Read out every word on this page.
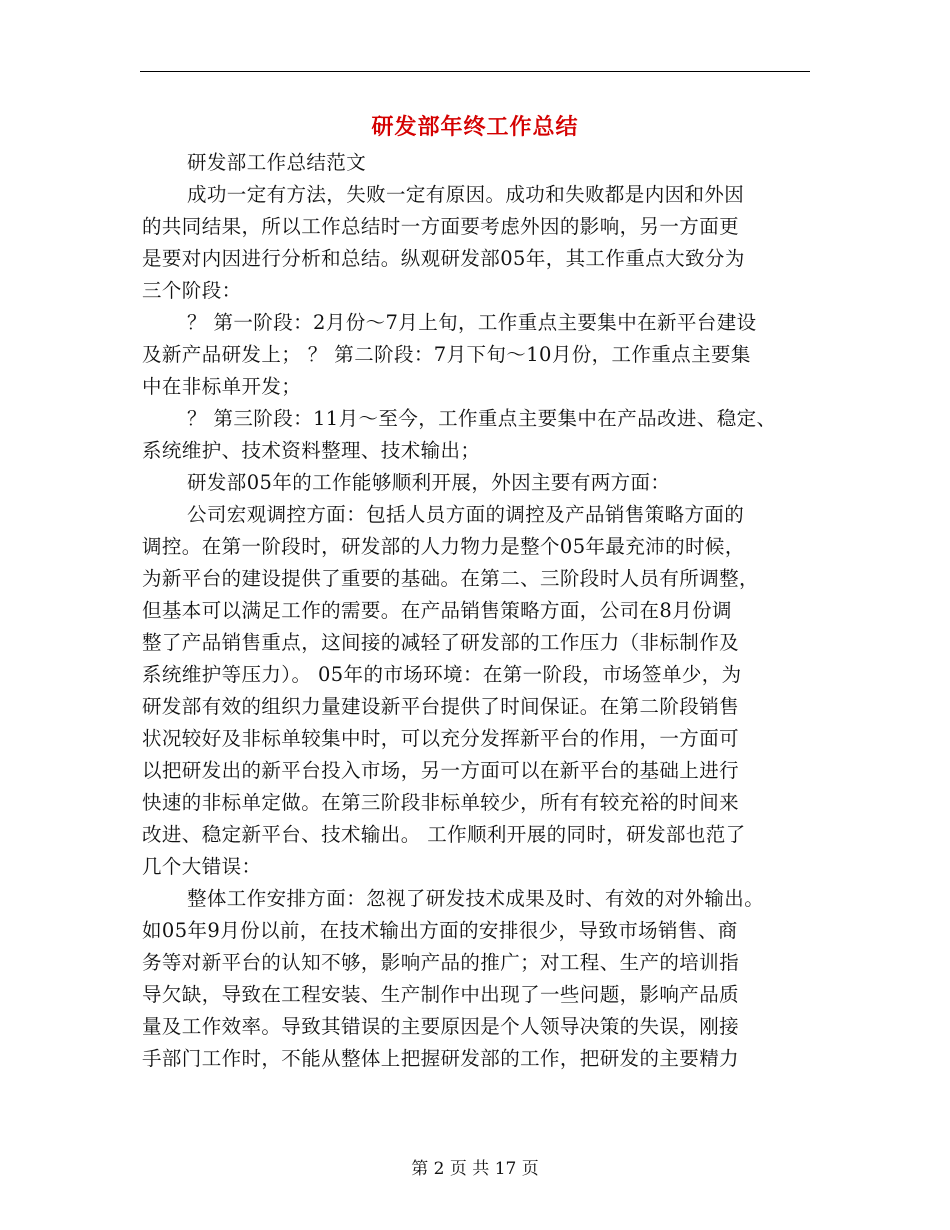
研发部年终工作总结
研发部工作总结范文
成功一定有方法，失败一定有原因。成功和失败都是内因和外因
的共同结果，所以工作总结时一方面要考虑外因的影响，另一方面更
是要对内因进行分析和总结。纵观研发部05年，其工作重点大致分为
三个阶段：
？ 第一阶段：2月份～7月上旬，工作重点主要集中在新平台建设
及新产品研发上； ？ 第二阶段：7月下旬～10月份，工作重点主要集
中在非标单开发；
？ 第三阶段：11月～至今，工作重点主要集中在产品改进、稳定、
系统维护、技术资料整理、技术输出；
研发部05年的工作能够顺利开展，外因主要有两方面：
公司宏观调控方面：包括人员方面的调控及产品销售策略方面的
调控。在第一阶段时，研发部的人力物力是整个05年最充沛的时候，
为新平台的建设提供了重要的基础。在第二、三阶段时人员有所调整，
但基本可以满足工作的需要。在产品销售策略方面，公司在8月份调
整了产品销售重点，这间接的减轻了研发部的工作压力（非标制作及
系统维护等压力）。 05年的市场环境：在第一阶段，市场签单少，为
研发部有效的组织力量建设新平台提供了时间保证。在第二阶段销售
状况较好及非标单较集中时，可以充分发挥新平台的作用，一方面可
以把研发出的新平台投入市场，另一方面可以在新平台的基础上进行
快速的非标单定做。在第三阶段非标单较少，所有有较充裕的时间来
改进、稳定新平台、技术输出。 工作顺利开展的同时，研发部也范了
几个大错误：
整体工作安排方面：忽视了研发技术成果及时、有效的对外输出。
如05年9月份以前，在技术输出方面的安排很少，导致市场销售、商
务等对新平台的认知不够，影响产品的推广；对工程、生产的培训指
导欠缺，导致在工程安装、生产制作中出现了一些问题，影响产品质
量及工作效率。导致其错误的主要原因是个人领导决策的失误，刚接
手部门工作时，不能从整体上把握研发部的工作，把研发的主要精力
第 2 页 共 17 页
